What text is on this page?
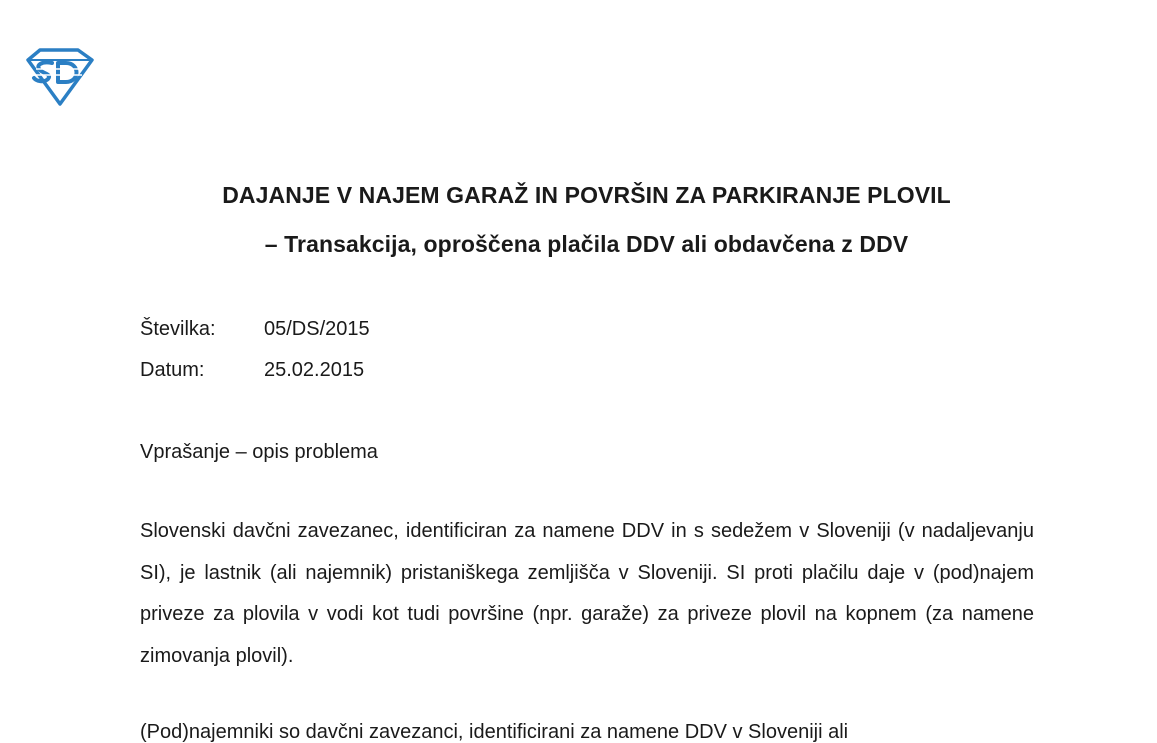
DAJANJE V NAJEM GARAŽ IN POVRŠIN ZA PARKIRANJE PLOVIL
– Transakcija, oproščena plačila DDV ali obdavčena z DDV
Številka: 05/DS/2015
Datum:	25.02.2015
Vprašanje – opis problema
Slovenski davčni zavezanec, identificiran za namene DDV in s sedežem v Sloveniji (v nadaljevanju SI), je lastnik (ali najemnik) pristaniškega zemljišča v Sloveniji. SI proti plačilu daje v (pod)najem priveze za plovila v vodi kot tudi površine (npr. garaže) za priveze plovil na kopnem (za namene zimovanja plovil).
(Pod)najemniki so davčni zavezanci, identificirani za namene DDV v Sloveniji ali
